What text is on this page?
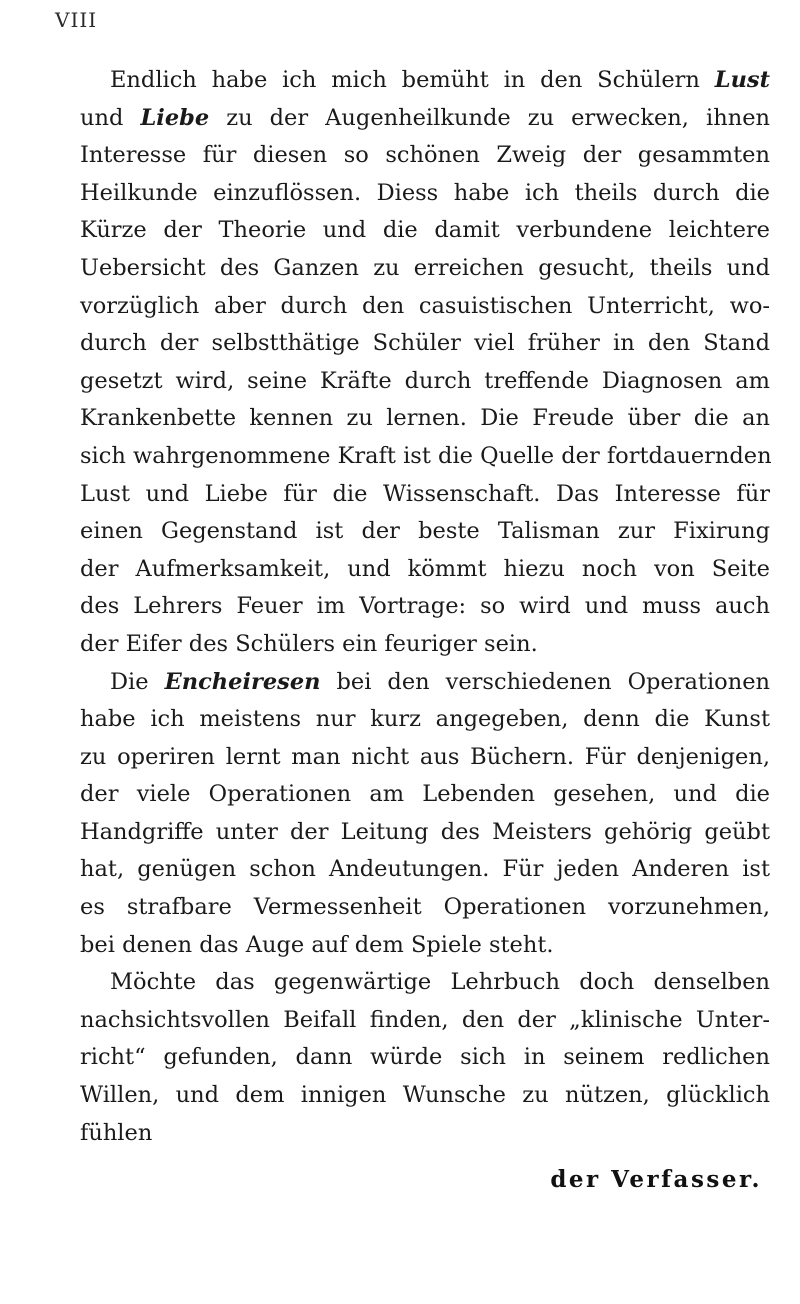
VIII
Endlich habe ich mich bemüht in den Schülern Lust
und Liebe zu der Augenheilkunde zu erwecken, ihnen
Interesse für diesen so schönen Zweig der gesammten
Heilkunde einzuflössen. Diess habe ich theils durch die
Kürze der Theorie und die damit verbundene leichtere
Uebersicht des Ganzen zu erreichen gesucht, theils und
vorzüglich aber durch den casuistischen Unterricht, wo-
durch der selbstthätige Schüler viel früher in den Stand
gesetzt wird, seine Kräfte durch treffende Diagnosen am
Krankenbette kennen zu lernen. Die Freude über die an
sich wahrgenommene Kraft ist die Quelle der fortdauernden
Lust und Liebe für die Wissenschaft. Das Interesse für
einen Gegenstand ist der beste Talisman zur Fixirung
der Aufmerksamkeit, und kömmt hiezu noch von Seite
des Lehrers Feuer im Vortrage: so wird und muss auch
der Eifer des Schülers ein feuriger sein.
Die Encheiresen bei den verschiedenen Operationen
habe ich meistens nur kurz angegeben, denn die Kunst
zu operiren lernt man nicht aus Büchern. Für denjenigen,
der viele Operationen am Lebenden gesehen, und die
Handgriffe unter der Leitung des Meisters gehörig geübt
hat, genügen schon Andeutungen. Für jeden Anderen ist
es strafbare Vermessenheit Operationen vorzunehmen,
bei denen das Auge auf dem Spiele steht.
Möchte das gegenwärtige Lehrbuch doch denselben
nachsichtsvollen Beifall finden, den der „klinische Unter-
richt“ gefunden, dann würde sich in seinem redlichen
Willen, und dem innigen Wunsche zu nützen, glücklich
fühlen
der Verfasser.
